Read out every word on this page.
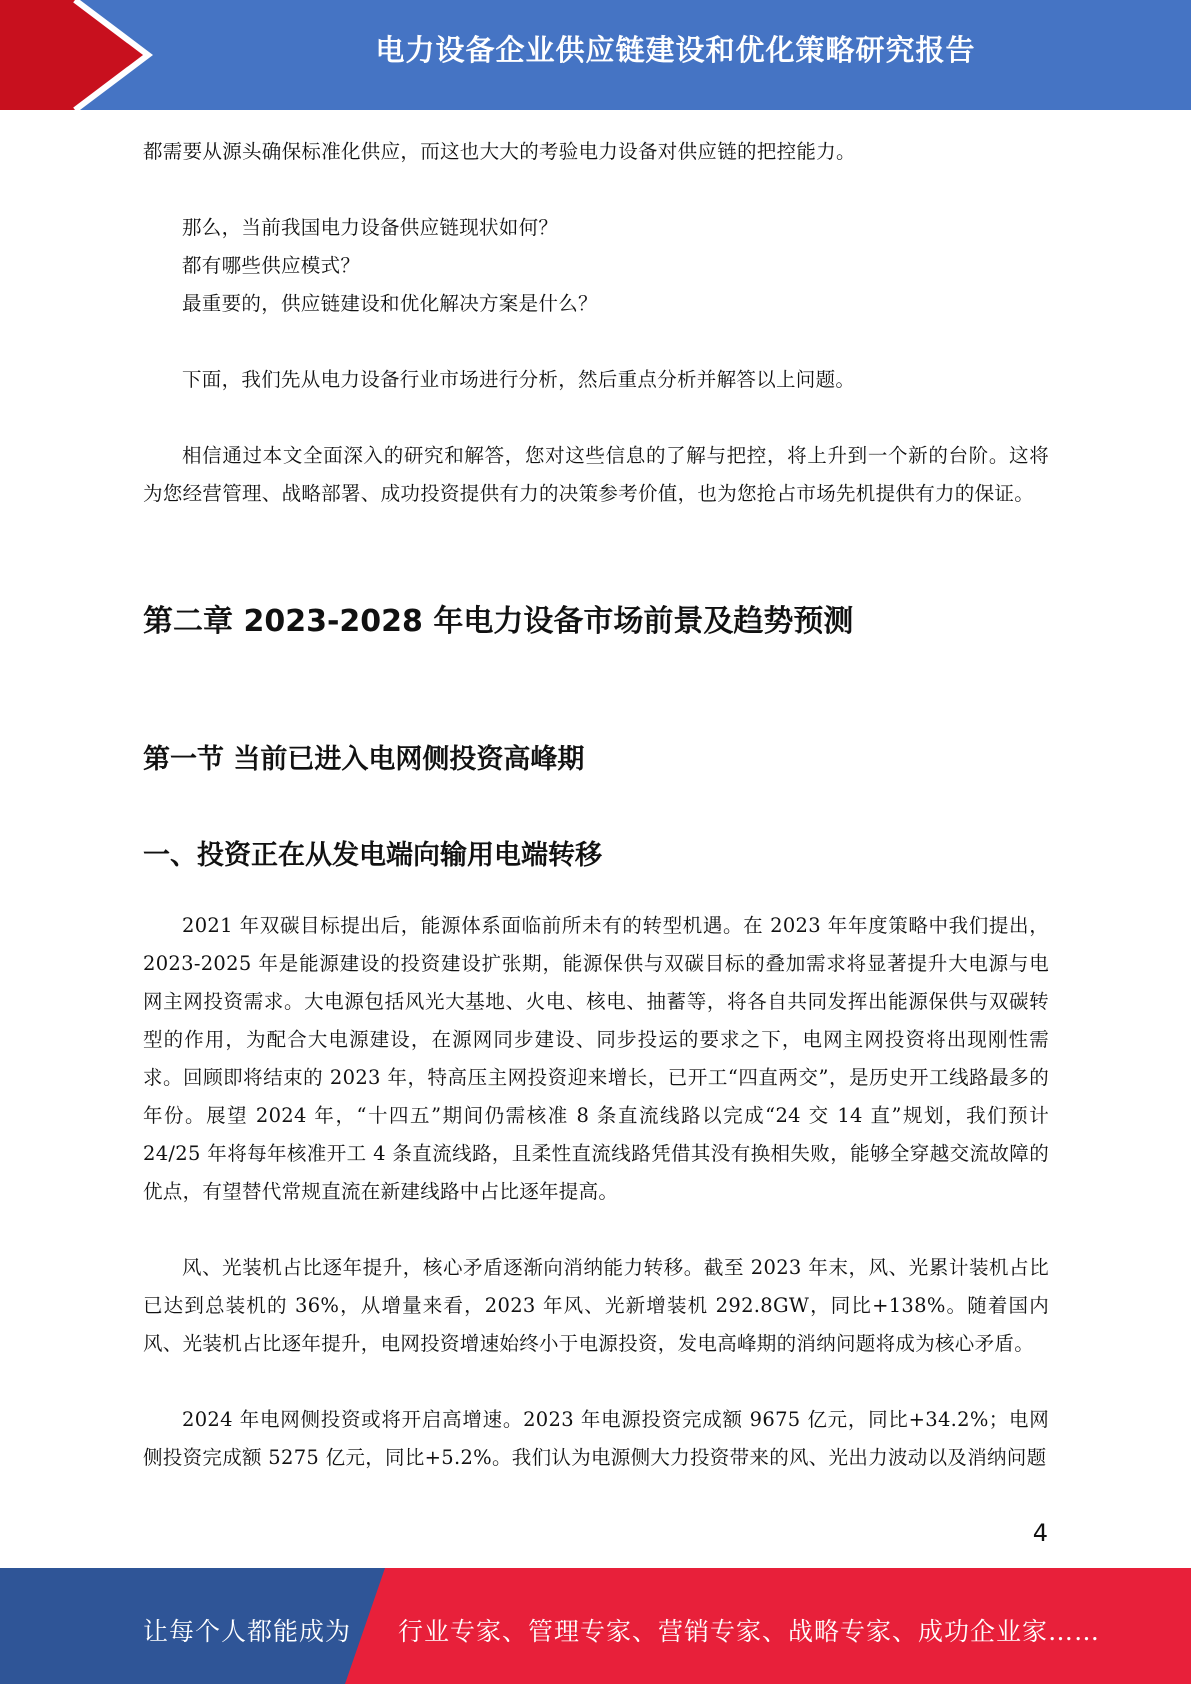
电力设备企业供应链建设和优化策略研究报告

都需要从源头确保标准化供应，而这也大大的考验电力设备对供应链的把控能力。

那么，当前我国电力设备供应链现状如何？

都有哪些供应模式？

最重要的，供应链建设和优化解决方案是什么？

下面，我们先从电力设备行业市场进行分析，然后重点分析并解答以上问题。

相信通过本文全面深入的研究和解答，您对这些信息的了解与把控，将上升到一个新的台阶。这将为您经营管理、战略部署、成功投资提供有力的决策参考价值，也为您抢占市场先机提供有力的保证。

第二章 2023-2028 年电力设备市场前景及趋势预测
第一节 当前已进入电网侧投资高峰期
一、投资正在从发电端向输用电端转移

2021 年双碳目标提出后，能源体系面临前所未有的转型机遇。在 2023 年年度策略中我们提出，2023-2025 年是能源建设的投资建设扩张期，能源保供与双碳目标的叠加需求将显著提升大电源与电网主网投资需求。大电源包括风光大基地、火电、核电、抽蓄等，将各自共同发挥出能源保供与双碳转型的作用，为配合大电源建设，在源网同步建设、同步投运的要求之下，电网主网投资将出现刚性需求。回顾即将结束的 2023 年，特高压主网投资迎来增长，已开工“四直两交”，是历史开工线路最多的年份。展望 2024 年，“十四五”期间仍需核准 8 条直流线路以完成“24 交 14 直”规划，我们预计 24/25 年将每年核准开工 4 条直流线路，且柔性直流线路凭借其没有换相失败，能够全穿越交流故障的优点，有望替代常规直流在新建线路中占比逐年提高。

风、光装机占比逐年提升，核心矛盾逐渐向消纳能力转移。截至 2023 年末，风、光累计装机占比已达到总装机的 36%，从增量来看，2023 年风、光新增装机 292.8GW，同比+138%。随着国内风、光装机占比逐年提升，电网投资增速始终小于电源投资，发电高峰期的消纳问题将成为核心矛盾。

2024 年电网侧投资或将开启高增速。2023 年电源投资完成额 9675 亿元，同比+34.2%；电网侧投资完成额 5275 亿元，同比+5.2%。我们认为电源侧大力投资带来的风、光出力波动以及消纳问题

4
让每个人都能成为 行业专家、管理专家、营销专家、战略专家、成功企业家……
